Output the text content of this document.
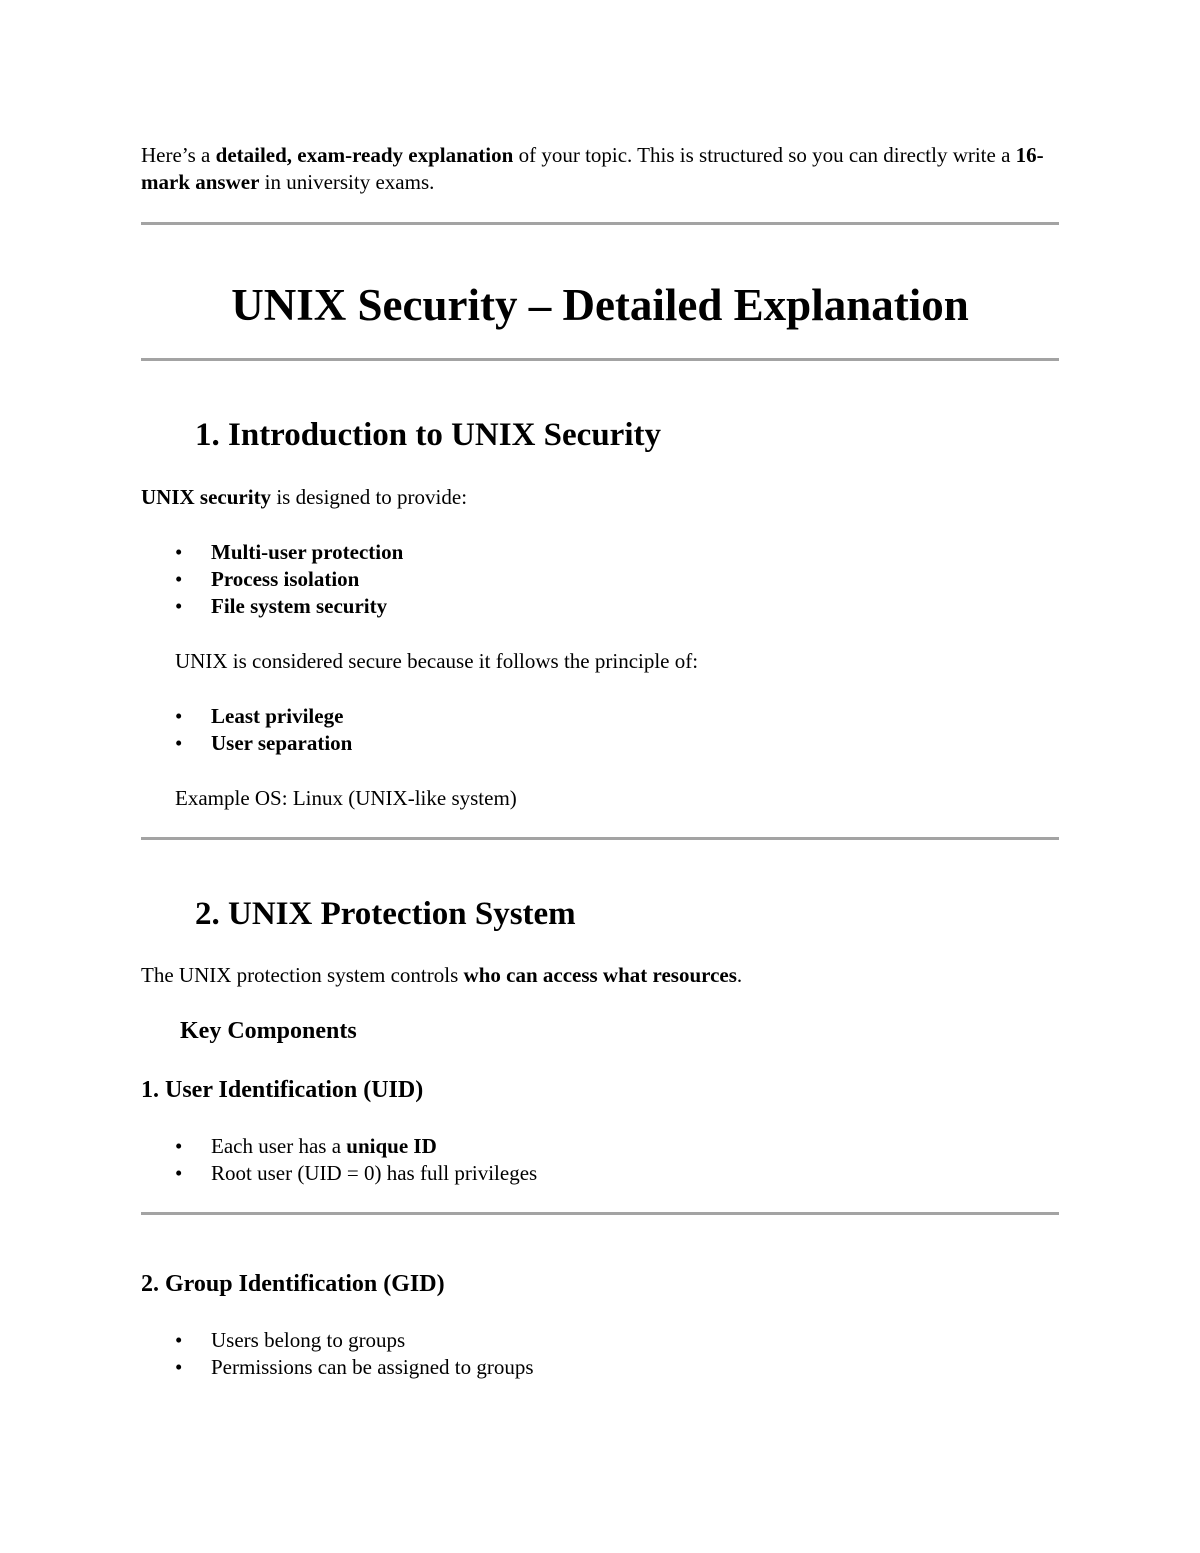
Here’s a detailed, exam-ready explanation of your topic. This is structured so you can directly write a 16-mark answer in university exams.
UNIX Security – Detailed Explanation
1. Introduction to UNIX Security
UNIX security is designed to provide:
•	Multi-user protection
•	Process isolation
•	File system security
UNIX is considered secure because it follows the principle of:
•	Least privilege
•	User separation
Example OS: Linux (UNIX-like system)
2. UNIX Protection System
The UNIX protection system controls who can access what resources.
Key Components
1. User Identification (UID)
•	Each user has a unique ID
•	Root user (UID = 0) has full privileges
2. Group Identification (GID)
•	Users belong to groups
•	Permissions can be assigned to groups
